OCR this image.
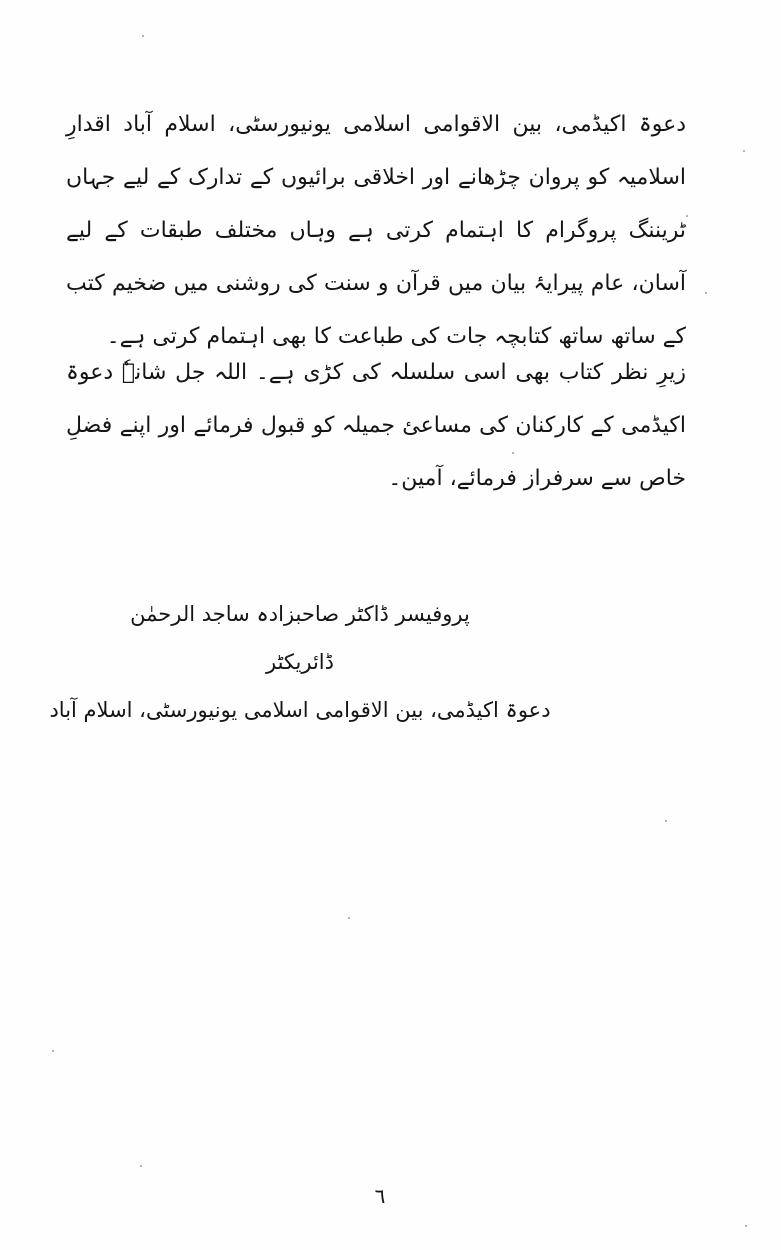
دعوۃ اکیڈمی، بین الاقوامی اسلامی یونیورسٹی، اسلام آباد اقدارِ اسلامیہ کو پروان چڑھانے اور اخلاقی برائیوں کے تدارک کے لیے جہاں ٹریننگ پروگرام کا اہتمام کرتی ہے وہاں مختلف طبقات کے لیے آسان، عام پیرایۂ بیان میں قرآن و سنت کی روشنی میں ضخیم کتب کے ساتھ ساتھ کتابچہ جات کی طباعت کا بھی اہتمام کرتی ہے۔

زیرِ نظر کتاب بھی اسی سلسلہ کی کڑی ہے۔ اللہ جل شانہٗ دعوۃ اکیڈمی کے کارکنان کی مساعئ جمیلہ کو قبول فرمائے اور اپنے فضلِ خاص سے سرفراز فرمائے، آمین۔

پروفیسر ڈاکٹر صاحبزادہ ساجد الرحمٰن
ڈائریکٹر
دعوۃ اکیڈمی، بین الاقوامی اسلامی یونیورسٹی، اسلام آباد
٦
